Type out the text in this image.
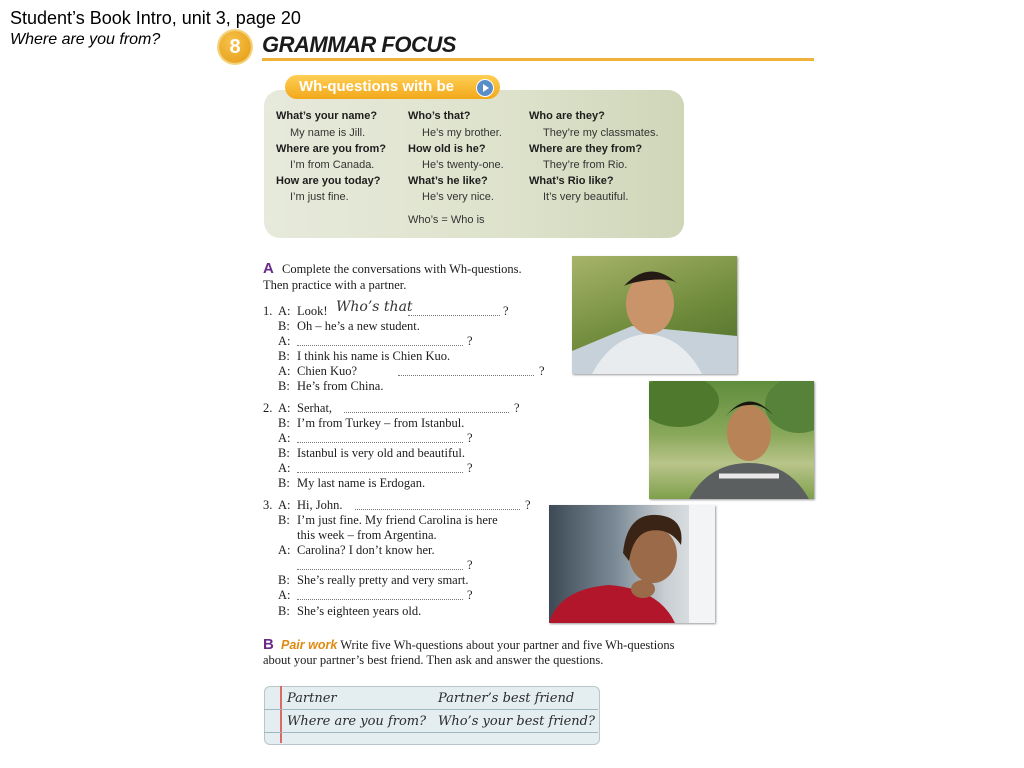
Student’s Book Intro, unit 3, page 20
Where are you from?	8 GRAMMAR FOCUS
Wh-questions with be
What’s your name?
My name is Jill.
Where are you from?
I’m from Canada.
How are you today?
I’m just fine.
Who’s that?
He’s my brother.
How old is he?
He’s twenty-one.
What’s he like?
He’s very nice.
Who are they?
They’re my classmates.
Where are they from?
They’re from Rio.
What’s Rio like?
It’s very beautiful.
Who’s = Who is
A Complete the conversations with Wh-questions.
Then practice with a partner.
1. A: Look! Who’s that	?
B: Oh – he’s a new student.
A:	?
B: I think his name is Chien Kuo.
A: Chien Kuo?	?
B: He’s from China.
2. A: Serhat,	?
B: I’m from Turkey – from Istanbul.
A:	?
B: Istanbul is very old and beautiful.
A:	?
B: My last name is Erdogan.
3. A: Hi, John.	?
B: I’m just fine. My friend Carolina is here
this week – from Argentina.
A: Carolina? I don’t know her.
?
B: She’s really pretty and very smart.
A:	?
B: She’s eighteen years old.
B Pair work Write five Wh-questions about your partner and five Wh-questions
about your partner’s best friend. Then ask and answer the questions.
Partner	Partner’s best friend
Where are you from? Who’s your best friend?
